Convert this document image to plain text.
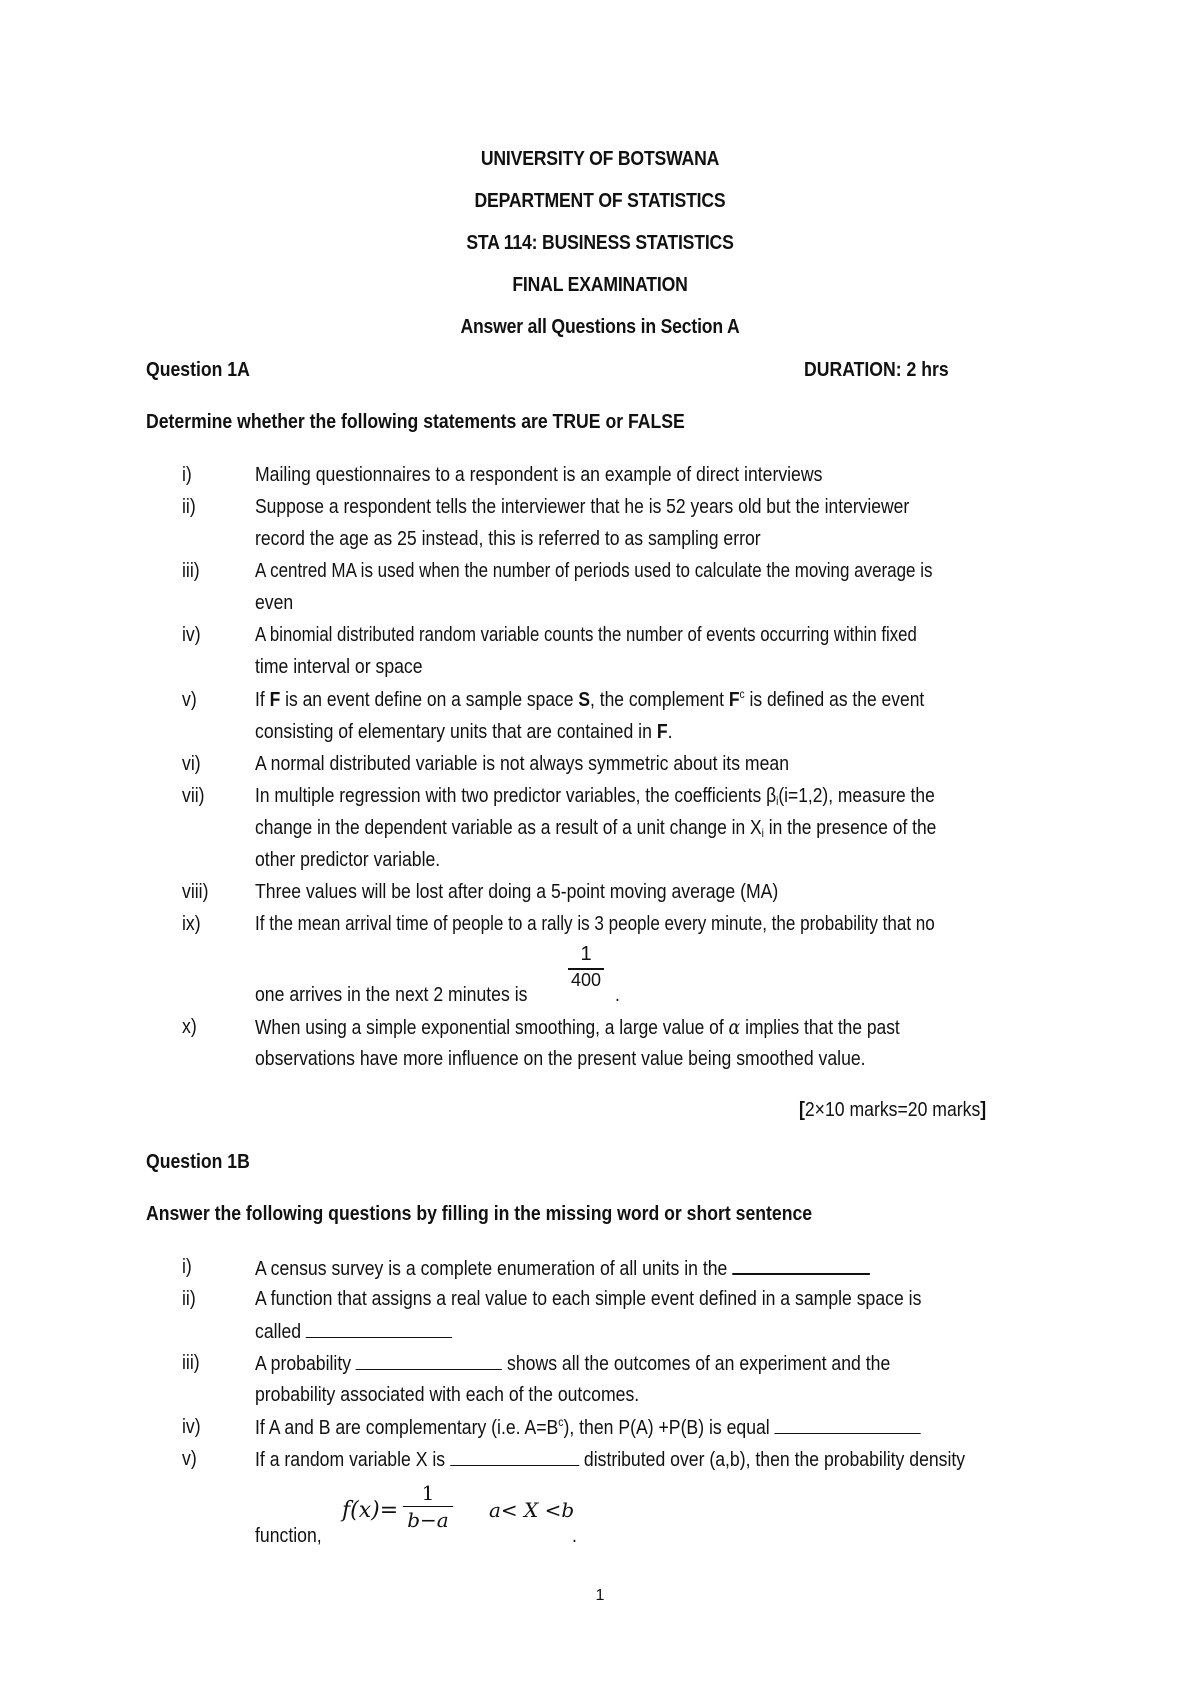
UNIVERSITY OF BOTSWANA
DEPARTMENT OF STATISTICS
STA 114: BUSINESS STATISTICS
FINAL EXAMINATION
Answer all Questions in Section A
Question 1A	DURATION: 2 hrs
Determine whether the following statements are TRUE or FALSE
i)	Mailing questionnaires to a respondent is an example of direct interviews
ii)	Suppose a respondent tells the interviewer that he is 52 years old but the interviewer
record the age as 25 instead, this is referred to as sampling error
iii)	A centred MA is used when the number of periods used to calculate the moving average is
even
iv)	A binomial distributed random variable counts the number of events occurring within fixed
time interval or space
v)	If F is an event define on a sample space S, the complement $F^c$ is defined as the event
consisting of elementary units that are contained in F.
vi)	A normal distributed variable is not always symmetric about its mean
vii) In multiple regression with two predictor variables, the coefficients $\beta_i(i=1,2)$, measure the
change in the dependent variable as a result of a unit change in $X_i$ in the presence of the
other predictor variable.
viii) Three values will be lost after doing a 5-point moving average (MA)
ix)	If the mean arrival time of people to a rally is 3 people every minute, the probability that no
1
400
one arrives in the next 2 minutes is	.
x)	When using a simple exponential smoothing, a large value of α implies that the past
observations have more influence on the present value being smoothed value.
[2×10 marks=20 marks]
Question 1B
Answer the following questions by filling in the missing word or short sentence
i)	A census survey is a complete enumeration of all units in the
ii)	A function that assigns a real value to each simple event defined in a sample space is
called
iii)	A probability	shows all the outcomes of an experiment and the
probability associated with each of the outcomes.
iv)	If A and B are complementary (i.e. $A=B^c$), then P(A) +P(B) is equal
v)	If a random variable X is	distributed over (a,b), then the probability density
f(x)=
1
b−a a< X <b
function,	.
1
